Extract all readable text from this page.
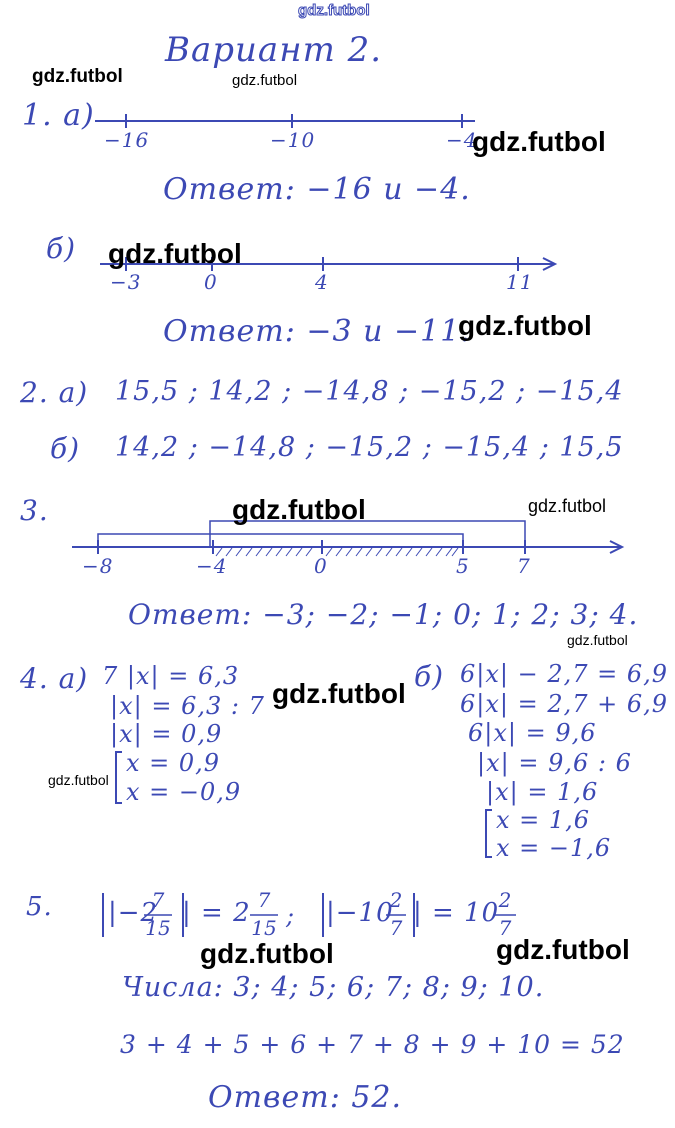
Вариант 2.
1. а)
−16	−10	−4
Ответ: −16 и −4.
б)
−3	0	4	11
Ответ: −3 и −11.
2. а) 15,5 ; 14,2 ; −14,8 ; −15,2 ; −15,4
б) 14,2 ; −14,8 ; −15,2 ; −15,4 ; 15,5
3.
−8	−4	0	5 7
Ответ: −3; −2; −1; 0; 1; 2; 3; 4.
4. а) 7 |x| = 6,3
|x| = 6,3 : 7
|x| = 0,9
x = 0,9
x = −0,9
б) 6|x| − 2,7 = 6,9
6|x| = 2,7 + 6,9
6|x| = 9,6
|x| = 9,6 : 6
|x| = 1,6
x = 1,6
x = −1,6
5. |−2
7
15 | = 2 7
15 ; |−10
2
7 | = 10 2
7
Числа: 3; 4; 5; 6; 7; 8; 9; 10.
3 + 4 + 5 + 6 + 7 + 8 + 9 + 10 = 52
Ответ: 52.
gdz.futbol
gdz.futbol	gdz.futbol
gdz.futbol
gdz.futbol
gdz.futbol
gdz.futbol	gdz.futbol
gdz.futbol
gdz.futbol
gdz.futbol
gdz.futbol	gdz.futbol
